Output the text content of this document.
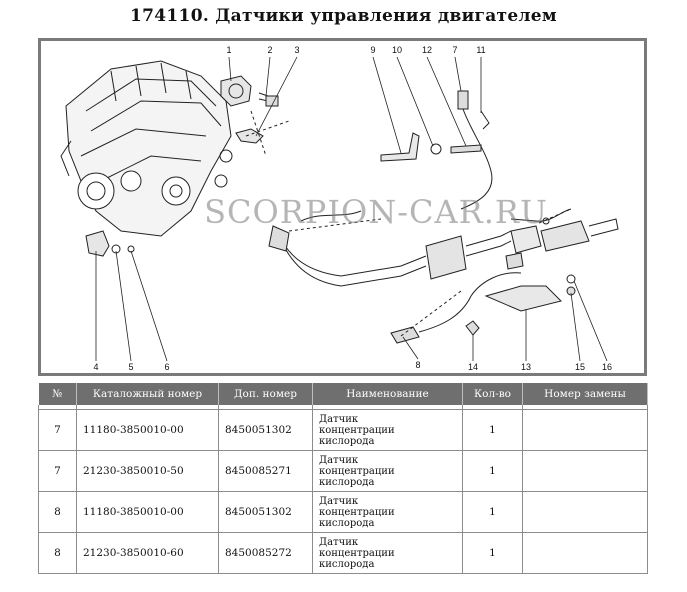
174110. Датчики управления двигателем
1	2 3	9 10 12 7 11
4	5	6	8	14	13	15 16
SCORPION-CAR.RU
№	Каталожный номер	Доп. номер	Наименование	Кол-во	Номер замены

7	11180-3850010-00	8450051302	Датчик
концентрации
кислорода	1	
7	21230-3850010-50	8450085271	Датчик
концентрации
кислорода	1	
8	11180-3850010-00	8450051302	Датчик
концентрации
кислорода	1	
8	21230-3850010-60	8450085272	Датчик
концентрации
кислорода	1	
